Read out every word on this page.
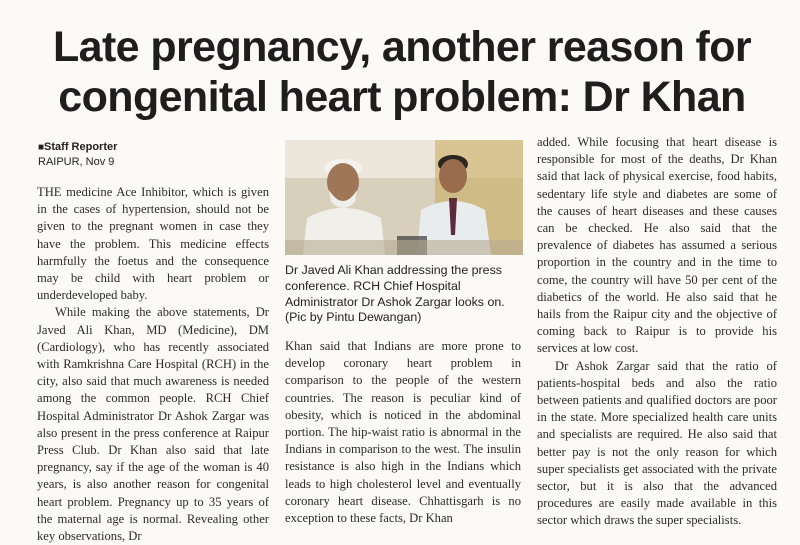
Late pregnancy, another reason for
congenital heart problem: Dr Khan
■ Staff Reporter
RAIPUR, Nov 9

THE medicine Ace Inhibitor, which is given in the cases of hypertension, should not be given to the pregnant women in case they have the problem. This medicine effects harmfully the foetus and the consequence may be child with heart problem or underdeveloped baby.

While making the above statements, Dr Javed Ali Khan, MD (Medicine), DM (Cardiology), who has recently associated with Ramkrishna Care Hospital (RCH) in the city, also said that much awareness is needed among the common people. RCH Chief Hospital Administrator Dr Ashok Zargar was also present in the press conference at Raipur Press Club. Dr Khan also said that late pregnancy, say if the age of the woman is 40 years, is also another reason for congenital heart problem. Pregnancy up to 35 years of the maternal age is normal. Revealing other key observations, Dr

Dr Javed Ali Khan addressing the press conference. RCH Chief Hospital Administrator Dr Ashok Zargar looks on. (Pic by Pintu Dewangan)

Khan said that Indians are more prone to develop coronary heart problem in comparison to the people of the western countries. The reason is peculiar kind of obesity, which is noticed in the abdominal portion. The hip-waist ratio is abnormal in the Indians in comparison to the west. The insulin resistance is also high in the Indians which leads to high cholesterol level and eventually coronary heart disease. Chhattisgarh is no exception to these facts, Dr Khan

added. While focusing that heart disease is responsible for most of the deaths, Dr Khan said that lack of physical exercise, food habits, sedentary life style and diabetes are some of the causes of heart diseases and these causes can be checked. He also said that the prevalence of diabetes has assumed a serious proportion in the country and in the time to come, the country will have 50 per cent of the diabetics of the world. He also said that he hails from the Raipur city and the objective of coming back to Raipur is to provide his services at low cost.

Dr Ashok Zargar said that the ratio of patients-hospital beds and also the ratio between patients and qualified doctors are poor in the state. More specialized health care units and specialists are required. He also said that better pay is not the only reason for which super specialists get associated with the private sector, but it is also that the advanced procedures are easily made available in this sector which draws the super specialists.
